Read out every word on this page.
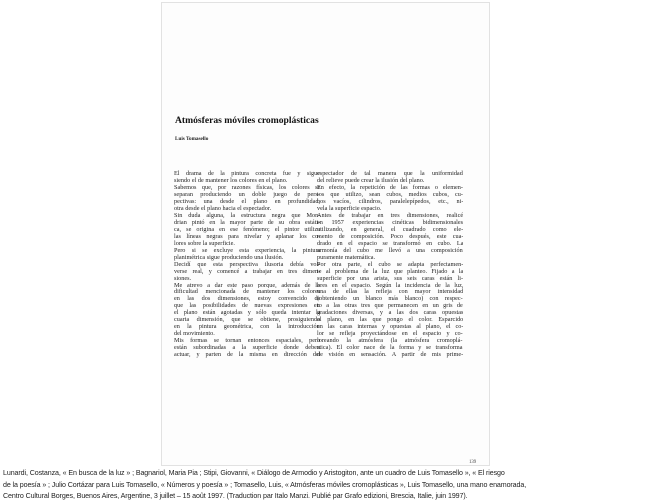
Atmósferas móviles cromoplásticas
Luis Tomasello
El drama de la pintura concreta fue y sigue
siendo el de mantener los colores en el plano.
Sabemos que, por razones físicas, los colores se
separan produciendo un doble juego de pers-
pectivas: una desde el plano en profundidad,
otra desde el plano hacia el espectador.
Sin duda alguna, la estructura negra que Mon-
drian pintó en la mayor parte de su obra estáti-
ca, se origina en ese fenómeno; el pintor utiliza
las líneas negras para nivelar y aplanar los co-
lores sobre la superficie.
Pero si se excluye esta experiencia, la pintura
planimétrica sigue produciendo una ilusión.
Decidí que esta perspectiva ilusoria debía vol-
verse real, y comencé a trabajar en tres dimen-
siones.
Me atrevo a dar este paso porque, además de la
dificultad mencionada de mantener los colores
en las dos dimensiones, estoy convencido de
que las posibilidades de nuevas expresiones en
el plano están agotadas y sólo queda intentar la
cuarta dimensión, que se obtiene, prosiguiendo
en la pintura geométrica, con la introducción
del movimiento.
Mis formas se tornan entonces espaciales, pero
están subordinadas a la superficie donde deben
actuar, y parten de la misma en dirección del
espectador de tal manera que la uniformidad
del relieve puede crear la ilusión del plano.
En efecto, la repetición de las formas o elemen-
tos que utilizo, sean cubos, medios cubos, cu-
bos vacíos, cilindros, paralelepípedos, etc., ni-
vela la superficie espacio.
Antes de trabajar en tres dimensiones, realicé
en 1957 experiencias cinéticas bidimensionales
utilizando, en general, el cuadrado como ele-
mento de composición. Poco después, este cua-
drado en el espacio se transformó en cubo. La
armonía del cubo me llevó a una composición
puramente matemática.
Por otra parte, el cubo se adapta perfectamen-
te al problema de la luz que planteo. Fijado a la
superficie por una arista, sus seis caras están li-
bres en el espacio. Según la incidencia de la luz,
una de ellas la refleja con mayor intensidad
(obteniendo un blanco más blanco) con respec-
to a las otras tres que permanecen en un gris de
gradaciones diversas, y a las dos caras opuestas
al plano, en las que pongo el color. Esparcido
en las caras internas y opuestas al plano, el co-
lor se refleja proyectándose en el espacio y co-
loreando la atmósfera (la atmósfera cromoplá-
stica). El color nace de la forma y se transforma
de visión en sensación. A partir de mis prime-
139
Lunardi, Costanza, « En busca de la luz » ; Bagnariol, Maria Pia ; Stipi, Giovanni, « Diálogo de Armodio y Aristogiton, ante un cuadro de Luis Tomasello », « El riesgo
de la poesía » ; Julio Cortázar para Luis Tomasello, « Números y poesía » ; Tomasello, Luis, « Atmósferas móviles cromoplásticas », Luis Tomasello, una mano enamorada,
Centro Cultural Borges, Buenos Aires, Argentine, 3 juillet – 15 août 1997. (Traduction par Italo Manzi. Publié par Grafo edizioni, Brescia, Italie, juin 1997).
